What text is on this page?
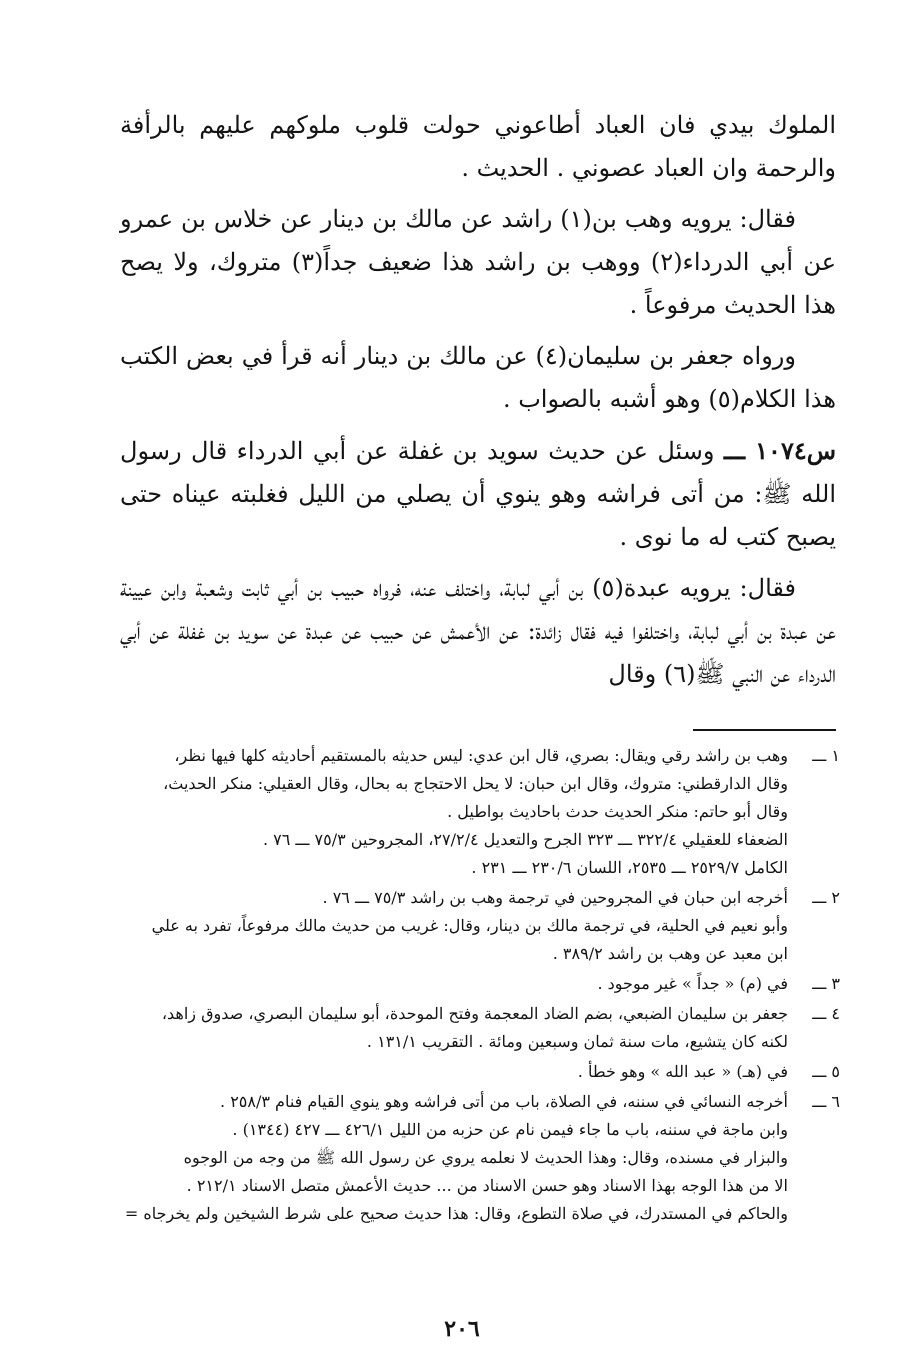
الملوك بيدي فان العباد أطاعوني حولت قلوب ملوكهم عليهم بالرأفة والرحمة وان العباد عصوني . الحديث .

فقال: يرويه وهب بن(١) راشد عن مالك بن دينار عن خلاس بن عمرو عن أبي الدرداء(٢) ووهب بن راشد هذا ضعيف جداً(٣) متروك، ولا يصح هذا الحديث مرفوعاً .

ورواه جعفر بن سليمان(٤) عن مالك بن دينار أنه قرأ في بعض الكتب هذا الكلام(٥) وهو أشبه بالصواب .

س١٠٧٤ ـــ وسئل عن حديث سويد بن غفلة عن أبي الدرداء قال رسول الله ﷺ: من أتى فراشه وهو ينوي أن يصلي من الليل فغلبته عيناه حتى يصبح كتب له ما نوى .

فقال: يرويه عبدة(٥) بن أبي لبابة، واختلف عنه، فرواه حبيب بن أبي ثابت وشعبة وابن عيينة عن عبدة بن أبي لبابة، واختلفوا فيه فقال زائدة: عن الأعمش عن حبيب عن عبدة عن سويد بن غفلة عن أبي الدرداء عن النبي ﷺ(٦) وقال

١ ـــ
وهب بن راشد رقي ويقال: بصري، قال ابن عدي: ليس حديثه بالمستقيم أحاديثه كلها فيها نظر،
وقال الدارقطني: متروك، وقال ابن حبان: لا يحل الاحتجاج به بحال، وقال العقيلي: منكر الحديث،
وقال أبو حاتم: منكر الحديث حدث باحاديث بواطيل .
الضعفاء للعقيلي ٣٢٢/٤ ـــ ٣٢٣ الجرح والتعديل ٢٧/٢/٤، المجروحين ٧٥/٣ ـــ ٧٦ .
الكامل ٢٥٢٩/٧ ـــ ٢٥٣٥، اللسان ٢٣٠/٦ ـــ ٢٣١ .
٢ ـــ
أخرجه ابن حبان في المجروحين في ترجمة وهب بن راشد ٧٥/٣ ـــ ٧٦ .
وأبو نعيم في الحلية، في ترجمة مالك بن دينار، وقال: غريب من حديث مالك مرفوعاً، تفرد به علي
ابن معبد عن وهب بن راشد ٣٨٩/٢ .
٣ ـــ
في (م) « جداً » غير موجود .
٤ ـــ
جعفر بن سليمان الضبعي، بضم الضاد المعجمة وفتح الموحدة، أبو سليمان البصري، صدوق زاهد،
لكنه كان يتشيع، مات سنة ثمان وسبعين ومائة . التقريب ١٣١/١ .
٥ ـــ
في (هـ) « عبد الله » وهو خطأ .
٦ ـــ
أخرجه النسائي في سننه، في الصلاة، باب من أتى فراشه وهو ينوي القيام فنام ٢٥٨/٣ .
وابن ماجة في سننه، باب ما جاء فيمن نام عن حزبه من الليل ٤٢٦/١ ـــ ٤٢٧ (١٣٤٤) .
والبزار في مسنده، وقال: وهذا الحديث لا نعلمه يروي عن رسول الله ﷺ من وجه من الوجوه
الا من هذا الوجه بهذا الاسناد وهو حسن الاسناد من ... حديث الأعمش متصل الاسناد ٢١٢/١ .
والحاكم في المستدرك، في صلاة التطوع، وقال: هذا حديث صحيح على شرط الشيخين ولم يخرجاه =
٢٠٦
